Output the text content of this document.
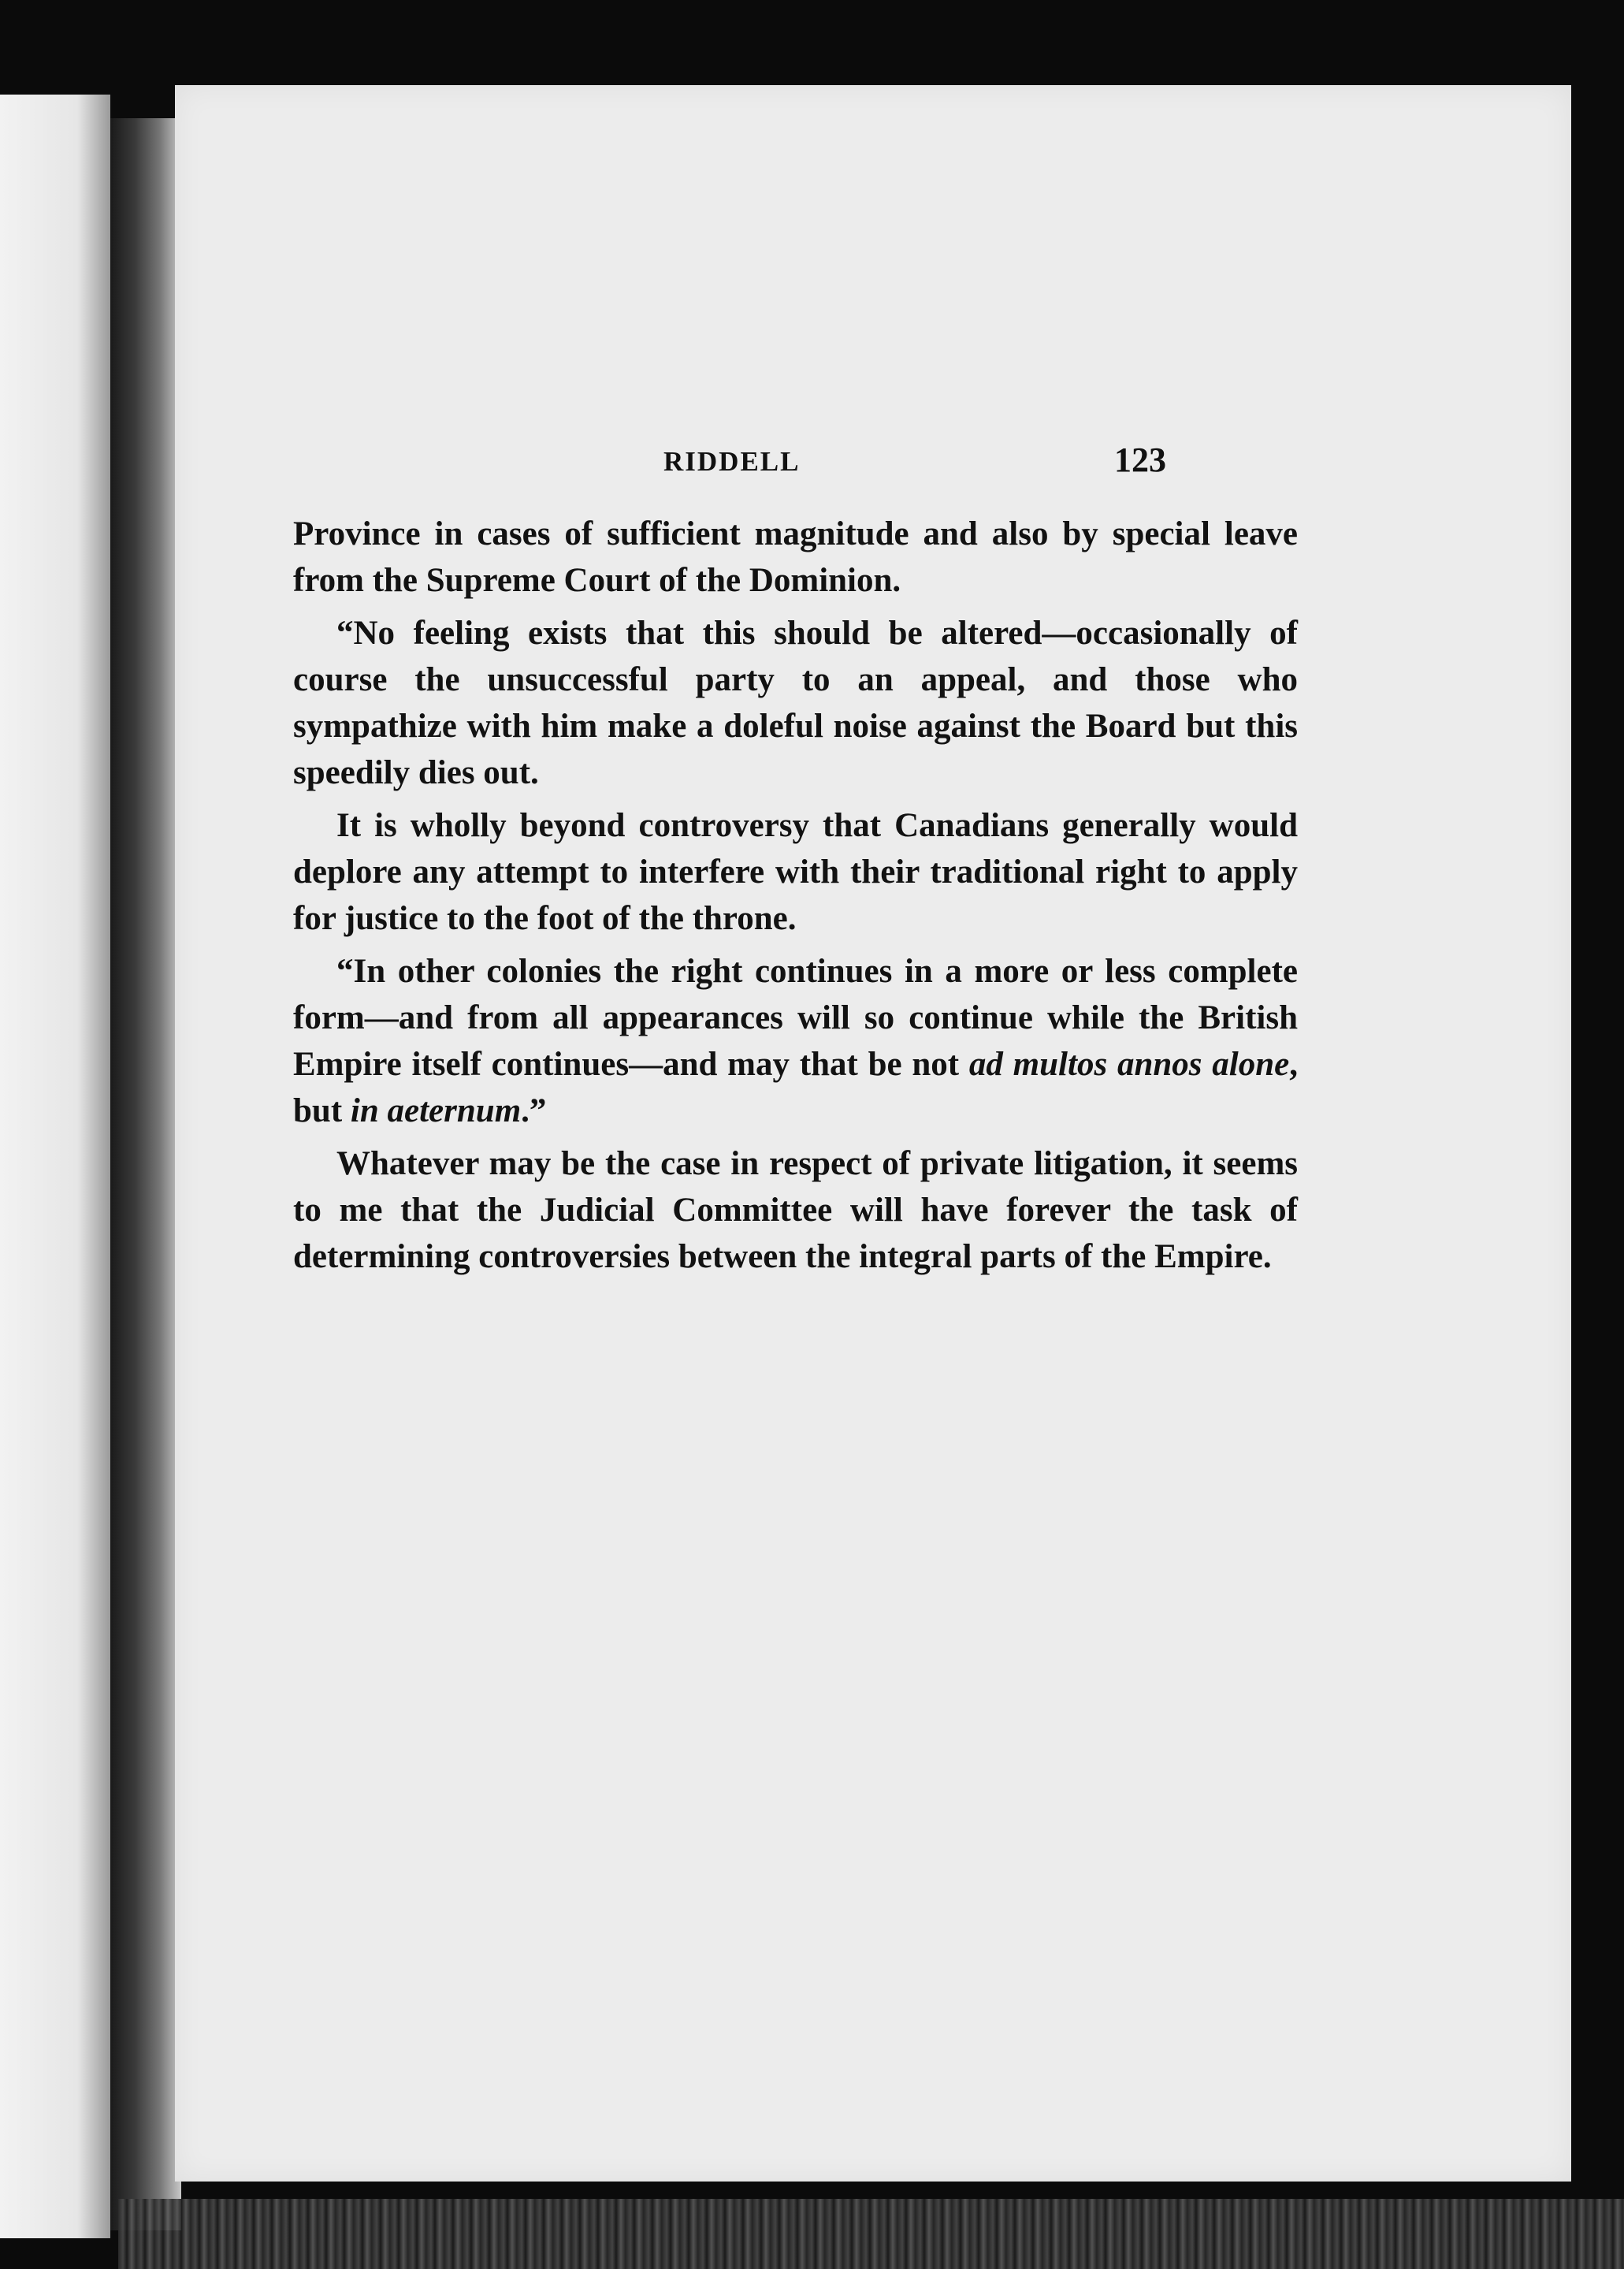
RIDDELL	123

Province in cases of sufficient magnitude and also by special leave from the Supreme Court of the Dominion.

“No feeling exists that this should be altered—occasionally of course the unsuccessful party to an appeal, and those who sympathize with him make a doleful noise against the Board but this speedily dies out.

It is wholly beyond controversy that Canadians generally would deplore any attempt to interfere with their traditional right to apply for justice to the foot of the throne.

“In other colonies the right continues in a more or less complete form—and from all appearances will so continue while the British Empire itself continues—and may that be not ad multos annos alone, but in aeternum.”

Whatever may be the case in respect of private litigation, it seems to me that the Judicial Committee will have forever the task of determining controversies between the integral parts of the Empire.
